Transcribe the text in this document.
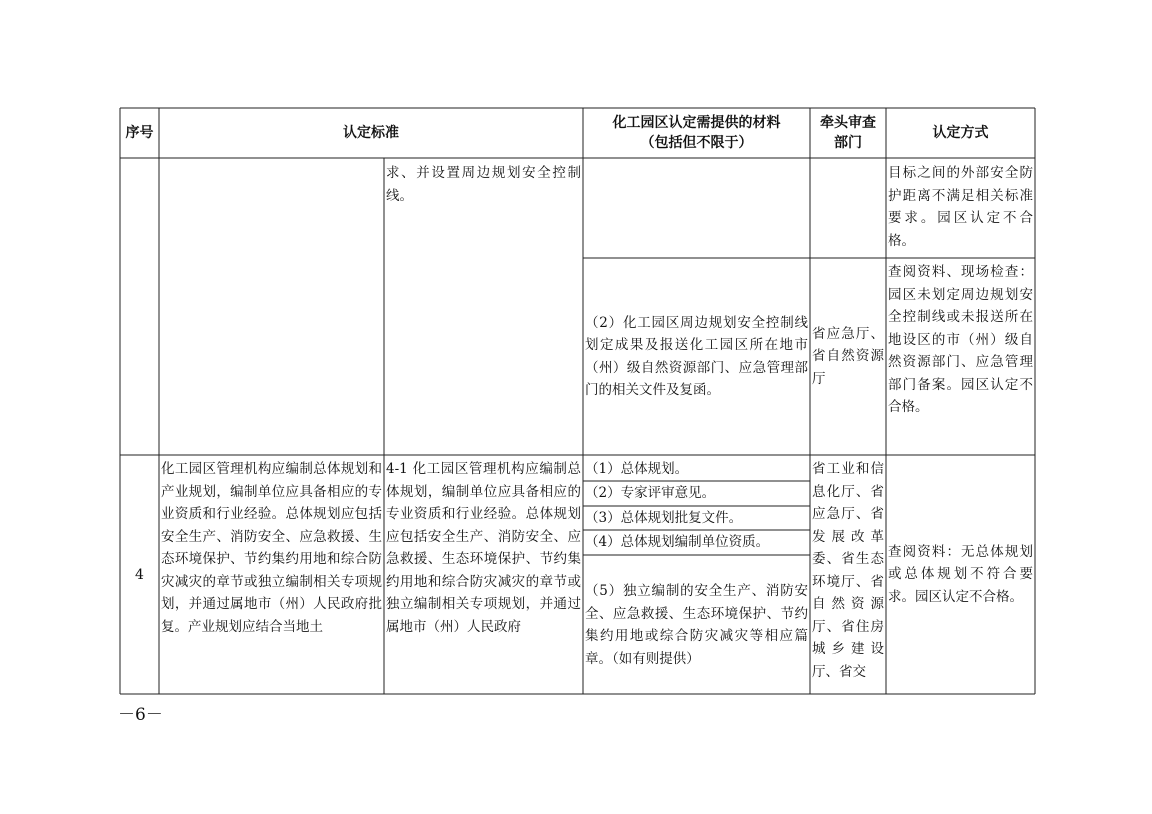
序号	认定标准
化工园区认定需提供的材料
（包括但不限于）
牵头审查
部门
认定方式
求、并设置周边规划安全控制线。
目标之间的外部安全防护距离不满足相关标准要求。园区认定不合格。
（2）化工园区周边规划安全控制线划定成果及报送化工园区所在地市（州）级自然资源部门、应急管理部门的相关文件及复函。
省应急厅、省自然资源厅
查阅资料、现场检查：园区未划定周边规划安全控制线或未报送所在地设区的市（州）级自然资源部门、应急管理部门备案。园区认定不合格。
4
化工园区管理机构应编制总体规划和产业规划，编制单位应具备相应的专业资质和行业经验。总体规划应包括安全生产、消防安全、应急救援、生态环境保护、节约集约用地和综合防灾减灾的章节或独立编制相关专项规划，并通过属地市（州）人民政府批复。产业规划应结合当地土
4-1 化工园区管理机构应编制总体规划，编制单位应具备相应的专业资质和行业经验。总体规划应包括安全生产、消防安全、应急救援、生态环境保护、节约集约用地和综合防灾减灾的章节或独立编制相关专项规划，并通过属地市（州）人民政府
（1）总体规划。
（2）专家评审意见。
（3）总体规划批复文件。
（4）总体规划编制单位资质。
（5）独立编制的安全生产、消防安全、应急救援、生态环境保护、节约集约用地或综合防灾减灾等相应篇章。（如有则提供）
省工业和信息化厅、省应急厅、省发展改革委、省生态环境厅、省自然资源厅、省住房城乡建设厅、省交
查阅资料：无总体规划或总体规划不符合要求。园区认定不合格。
－6－
